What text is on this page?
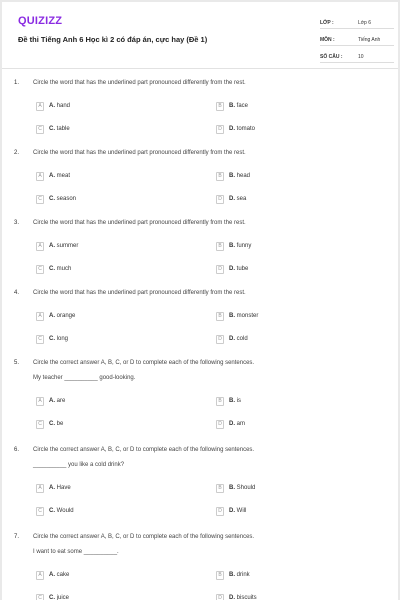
QUIZIZZ
Đề thi Tiếng Anh 6 Học kì 2 có đáp án, cực hay (Đề 1)
LỚP :	Lớp 6
MÔN :	Tiếng Anh
SỐ CÂU :	10
1. Circle the word that has the underlined part pronounced differently from the rest.
A	A. hand	B	B. face
C	C. table	D	D. tomato
2. Circle the word that has the underlined part pronounced differently from the rest.
A	A. meat	B	B. head
C	C. season	D	D. sea
3. Circle the word that has the underlined part pronounced differently from the rest.
A	A. summer	B	B. funny
C	C. much	D	D. tube
4. Circle the word that has the underlined part pronounced differently from the rest.
A	A. orange	B	B. monster
C	C. long	D	D. cold
5. Circle the correct answer A, B, C, or D to complete each of the following sentences.
My teacher __________ good-looking.
A	A. are	B	B. is
C	C. be	D	D. am
6. Circle the correct answer A, B, C, or D to complete each of the following sentences.
__________ you like a cold drink?
A	A. Have	B	B. Should
C	C. Would	D	D. Will
7. Circle the correct answer A, B, C, or D to complete each of the following sentences.
I want to eat some __________.
A	A. cake	B	B. drink
C	C. juice	D	D. biscuits
